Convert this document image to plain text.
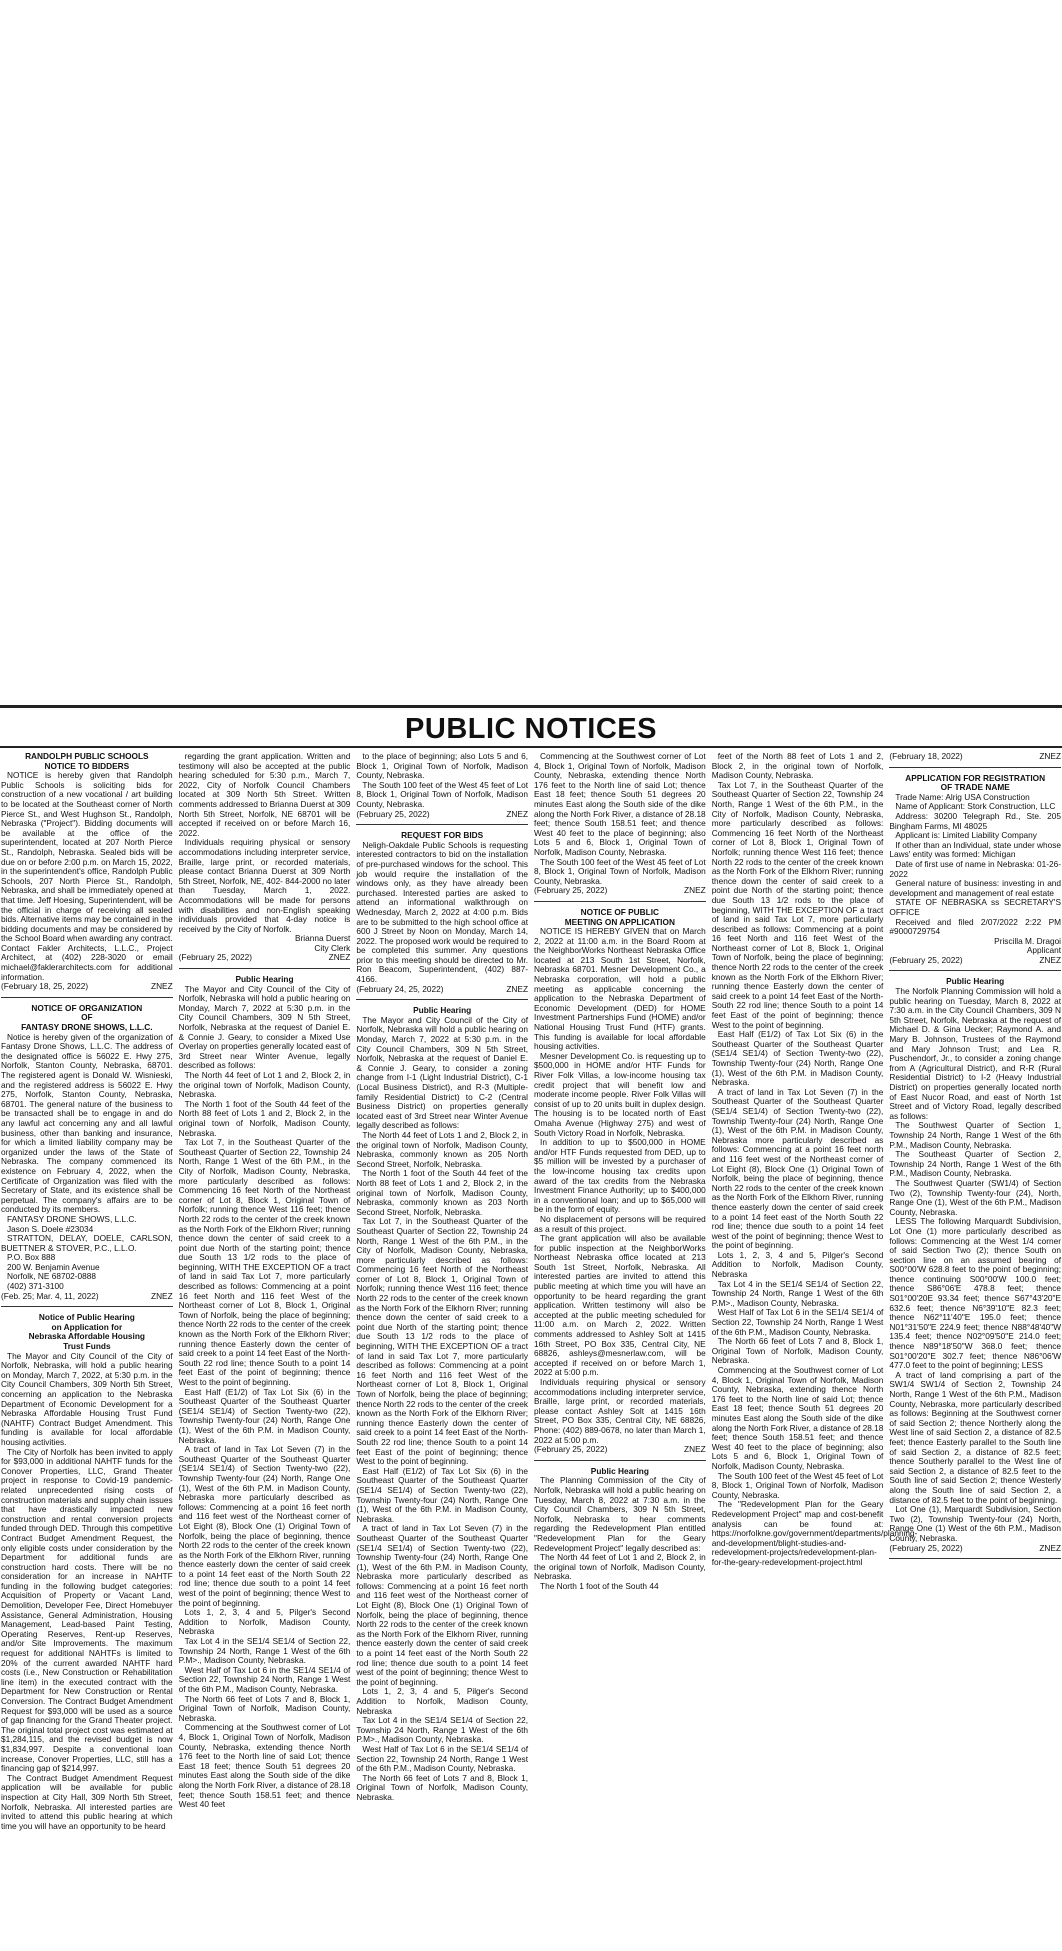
PUBLIC NOTICES

RANDOLPH PUBLIC SCHOOLS

NOTICE TO BIDDERS

NOTICE is hereby given that Randolph Public Schools is soliciting bids for construction of a new vocational / art building to be located at the Southeast corner of North Pierce St., and West Hughson St., Randolph, Nebraska ("Project"). Bidding documents will be available at the office of the superintendent, located at 207 North Pierce St., Randolph, Nebraska. Sealed bids will be due on or before 2:00 p.m. on March 15, 2022, in the superintendent's office, Randolph Public Schools, 207 North Pierce St., Randolph, Nebraska, and shall be immediately opened at that time. Jeff Hoesing, Superintendent, will be the official in charge of receiving all sealed bids. Alternative items may be contained in the bidding documents and may be considered by the School Board when awarding any contract. Contact Fakler Architects, L.L.C., Project Architect, at (402) 228-3020 or email michael@faklerarchitects.com for additional information.

(February 18, 25, 2022)	ZNEZ

NOTICE OF ORGANIZATION

OF

FANTASY DRONE SHOWS, L.L.C.

Notice is hereby given of the organization of Fantasy Drone Shows, L.L.C. The address of the designated office is 56022 E. Hwy 275, Norfolk, Stanton County, Nebraska, 68701. The registered agent is Donald W. Wisnieski, and the registered address is 56022 E. Hwy 275, Norfolk, Stanton County, Nebraska, 68701. The general nature of the business to be transacted shall be to engage in and do any lawful act concerning any and all lawful business, other than banking and insurance, for which a limited liability company may be organized under the laws of the State of Nebraska. The company commenced its existence on February 4, 2022, when the Certificate of Organization was filed with the Secretary of State, and its existence shall be perpetual. The company's affairs are to be conducted by its members.

FANTASY DRONE SHOWS, L.L.C.

Jason S. Doele #23034

STRATTON, DELAY, DOELE, CARLSON, BUETTNER & STOVER, P.C., L.L.O.

P.O. Box 888

200 W. Benjamin Avenue

Norfolk, NE 68702-0888

(402) 371-3100

(Feb. 25; Mar. 4, 11, 2022)	ZNEZ

Notice of Public Hearing

on Application for

Nebraska Affordable Housing

Trust Funds

The Mayor and City Council of the City of Norfolk, Nebraska, will hold a public hearing on Monday, March 7, 2022, at 5:30 p.m. in the City Council Chambers, 309 North 5th Street, concerning an application to the Nebraska Department of Economic Development for a Nebraska Affordable Housing Trust Fund (NAHTF) Contract Budget Amendment. This funding is available for local affordable housing activities.

The City of Norfolk has been invited to apply for $93,000 in additional NAHTF funds for the Conover Properties, LLC, Grand Theater project in response to Covid-19 pandemic-related unprecedented rising costs of construction materials and supply chain issues that have drastically impacted new construction and rental conversion projects funded through DED. Through this competitive Contract Budget Amendment Request, the only eligible costs under consideration by the Department for additional funds are construction hard costs. There will be no consideration for an increase in NAHTF funding in the following budget categories: Acquisition of Property or Vacant Land, Demolition, Developer Fee, Direct Homebuyer Assistance, General Administration, Housing Management, Lead-based Paint Testing, Operating Reserves, Rent-up Reserves, and/or Site Improvements. The maximum request for additional NAHTFs is limited to 20% of the current awarded NAHTF hard costs (i.e., New Construction or Rehabilitation line item) in the executed contract with the Department for New Construction or Rental Conversion. The Contract Budget Amendment Request for $93,000 will be used as a source of gap financing for the Grand Theater project. The original total project cost was estimated at $1,284,115, and the revised budget is now $1,834,997. Despite a conventional loan increase, Conover Properties, LLC, still has a financing gap of $214,997.

The Contract Budget Amendment Request application will be available for public inspection at City Hall, 309 North 5th Street, Norfolk, Nebraska. All interested parties are invited to attend this public hearing at which time you will have an opportunity to be heard

regarding the grant application. Written and testimony will also be accepted at the public hearing scheduled for 5:30 p.m., March 7, 2022, City of Norfolk Council Chambers located at 309 North 5th Street. Written comments addressed to Brianna Duerst at 309 North 5th Street, Norfolk, NE 68701 will be accepted if received on or before March 16, 2022.

Individuals requiring physical or sensory accommodations including interpreter service, Braille, large print, or recorded materials, please contact Brianna Duerst at 309 North 5th Street, Norfolk, NE, 402- 844-2000 no later than Tuesday, March 1, 2022. Accommodations will be made for persons with disabilities and non-English speaking individuals provided that 4-day notice is received by the City of Norfolk.

Brianna Duerst

City Clerk

(February 25, 2022)	ZNEZ

Public Hearing

The Mayor and City Council of the City of Norfolk, Nebraska will hold a public hearing on Monday, March 7, 2022 at 5:30 p.m. in the City Council Chambers, 309 N 5th Street, Norfolk, Nebraska at the request of Daniel E. & Connie J. Geary, to consider a Mixed Use Overlay on properties generally located east of 3rd Street near Winter Avenue, legally described as follows:

The North 44 feet of Lot 1 and 2, Block 2, in the original town of Norfolk, Madison County, Nebraska.

The North 1 foot of the South 44 feet of the North 88 feet of Lots 1 and 2, Block 2, in the original town of Norfolk, Madison County, Nebraska.

Tax Lot 7, in the Southeast Quarter of the Southeast Quarter of Section 22, Township 24 North, Range 1 West of the 6th P.M., in the City of Norfolk, Madison County, Nebraska, more particularly described as follows: Commencing 16 feet North of the Northeast corner of Lot 8, Block 1, Original Town of Norfolk; running thence West 116 feet; thence North 22 rods to the center of the creek known as the North Fork of the Elkhorn River; running thence down the center of said creek to a point due North of the starting point; thence due South 13 1/2 rods to the place of beginning, WITH THE EXCEPTION OF a tract of land in said Tax Lot 7, more particularly described as follows: Commencing at a point 16 feet North and 116 feet West of the Northeast corner of Lot 8, Block 1, Original Town of Norfolk, being the place of beginning; thence North 22 rods to the center of the creek known as the North Fork of the Elkhorn River; running thence Easterly down the center of said creek to a point 14 feet East of the North-South 22 rod line; thence South to a point 14 feet East of the point of beginning; thence West to the point of beginning.

East Half (E1/2) of Tax Lot Six (6) in the Southeast Quarter of the Southeast Quarter (SE1/4 SE1/4) of Section Twenty-two (22), Township Twenty-four (24) North, Range One (1), West of the 6th P.M. in Madison County, Nebraska.

A tract of land in Tax Lot Seven (7) in the Southeast Quarter of the Southeast Quarter (SE1/4 SE1/4) of Section Twenty-two (22), Township Twenty-four (24) North, Range One (1), West of the 6th P.M. in Madison County, Nebraska more particularly described as follows: Commencing at a point 16 feet north and 116 feet west of the Northeast corner of Lot Eight (8), Block One (1) Original Town of Norfolk, being the place of beginning, thence North 22 rods to the center of the creek known as the North Fork of the Elkhorn River, running thence easterly down the center of said creek to a point 14 feet east of the North South 22 rod line; thence due south to a point 14 feet west of the point of beginning; thence West to the point of beginning.

Lots 1, 2, 3, 4 and 5, Pilger's Second Addition to Norfolk, Madison County, Nebraska

Tax Lot 4 in the SE1/4 SE1/4 of Section 22, Township 24 North, Range 1 West of the 6th P.M>., Madison County, Nebraska.

West Half of Tax Lot 6 in the SE1/4 SE1/4 of Section 22, Township 24 North, Range 1 West of the 6th P.M., Madison County, Nebraska.

The North 66 feet of Lots 7 and 8, Block 1, Original Town of Norfolk, Madison County, Nebraska.

Commencing at the Southwest corner of Lot 4, Block 1, Original Town of Norfolk, Madison County, Nebraska, extending thence North 176 feet to the North line of said Lot; thence East 18 feet; thence South 51 degrees 20 minutes East along the South side of the dike along the North Fork River, a distance of 28.18 feet; thence South 158.51 feet; and thence West 40 feet

to the place of beginning; also Lots 5 and 6, Block 1, Original Town of Norfolk, Madison County, Nebraska.

The South 100 feet of the West 45 feet of Lot 8, Block 1, Original Town of Norfolk, Madison County, Nebraska.

(February 25, 2022)	ZNEZ

REQUEST FOR BIDS

Neligh-Oakdale Public Schools is requesting interested contractors to bid on the installation of pre-purchased windows for the school. This job would require the installation of the windows only, as they have already been purchased. Interested parties are asked to attend an informational walkthrough on Wednesday, March 2, 2022 at 4:00 p.m. Bids are to be submitted to the high school office at 600 J Street by Noon on Monday, March 14, 2022. The proposed work would be required to be completed this summer. Any questions prior to this meeting should be directed to Mr. Ron Beacom, Superintendent, (402) 887-4166.

(February 24, 25, 2022)	ZNEZ

Public Hearing

The Mayor and City Council of the City of Norfolk, Nebraska will hold a public hearing on Monday, March 7, 2022 at 5:30 p.m. in the City Council Chambers, 309 N 5th Street, Norfolk, Nebraska at the request of Daniel E. & Connie J. Geary, to consider a zoning change from I-1 (Light Industrial District), C-1 (Local Business District), and R-3 (Multiple-family Residential District) to C-2 (Central Business District) on properties generally located east of 3rd Street near Winter Avenue legally described as follows:

The North 44 feet of Lots 1 and 2, Block 2, in the original town of Norfolk, Madison County, Nebraska, commonly known as 205 North Second Street, Norfolk, Nebraska.

The North 1 foot of the South 44 feet of the North 88 feet of Lots 1 and 2, Block 2, in the original town of Norfolk, Madison County, Nebraska, commonly known as 203 North Second Street, Norfolk, Nebraska.

Tax Lot 7, in the Southeast Quarter of the Southeast Quarter of Section 22, Township 24 North, Range 1 West of the 6th P.M., in the City of Norfolk, Madison County, Nebraska, more particularly described as follows: Commencing 16 feet North of the Northeast corner of Lot 8, Block 1, Original Town of Norfolk; running thence West 116 feet; thence North 22 rods to the center of the creek known as the North Fork of the Elkhorn River; running thence down the center of said creek to a point due North of the starting point; thence due South 13 1/2 rods to the place of beginning, WITH THE EXCEPTION OF a tract of land in said Tax Lot 7, more particularly described as follows: Commencing at a point 16 feet North and 116 feet West of the Northeast corner of Lot 8, Block 1, Original Town of Norfolk, being the place of beginning; thence North 22 rods to the center of the creek known as the North Fork of the Elkhorn River; running thence Easterly down the center of said creek to a point 14 feet East of the North-South 22 rod line; thence South to a point 14 feet East of the point of beginning; thence West to the point of beginning.

East Half (E1/2) of Tax Lot Six (6) in the Southeast Quarter of the Southeast Quarter (SE1/4 SE1/4) of Section Twenty-two (22), Township Twenty-four (24) North, Range One (1), West of the 6th P.M. in Madison County, Nebraska.

A tract of land in Tax Lot Seven (7) in the Southeast Quarter of the Southeast Quarter (SE1/4 SE1/4) of Section Twenty-two (22), Township Twenty-four (24) North, Range One (1), West of the 6th P.M. in Madison County, Nebraska more particularly described as follows: Commencing at a point 16 feet north and 116 feet west of the Northeast corner of Lot Eight (8), Block One (1) Original Town of Norfolk, being the place of beginning, thence North 22 rods to the center of the creek known as the North Fork of the Elkhorn River, running thence easterly down the center of said creek to a point 14 feet east of the North South 22 rod line; thence due south to a point 14 feet west of the point of beginning; thence West to the point of beginning.

Lots 1, 2, 3, 4 and 5, Pilger's Second Addition to Norfolk, Madison County, Nebraska

Tax Lot 4 in the SE1/4 SE1/4 of Section 22, Township 24 North, Range 1 West of the 6th P.M>., Madison County, Nebraska.

West Half of Tax Lot 6 in the SE1/4 SE1/4 of Section 22, Township 24 North, Range 1 West of the 6th P.M., Madison County, Nebraska.

The North 66 feet of Lots 7 and 8, Block 1, Original Town of Norfolk, Madison County, Nebraska.

Commencing at the Southwest corner of Lot 4, Block 1, Original Town of Norfolk, Madison County, Nebraska, extending thence North 176 feet to the North line of said Lot; thence East 18 feet; thence South 51 degrees 20 minutes East along the South side of the dike along the North Fork River, a distance of 28.18 feet; thence South 158.51 feet; and thence West 40 feet to the place of beginning; also Lots 5 and 6, Block 1, Original Town of Norfolk, Madison County, Nebraska.

The South 100 feet of the West 45 feet of Lot 8, Block 1, Original Town of Norfolk, Madison County, Nebraska.

(February 25, 2022)	ZNEZ

NOTICE OF PUBLIC

MEETING ON APPLICATION

NOTICE IS HEREBY GIVEN that on March 2, 2022 at 11:00 a.m. in the Board Room at the NeighborWorks Northeast Nebraska Office located at 213 South 1st Street, Norfolk, Nebraska 68701. Mesner Development Co., a Nebraska corporation, will hold a public meeting as applicable concerning the application to the Nebraska Department of Economic Development (DED) for HOME Investment Partnerships Fund (HOME) and/or National Housing Trust Fund (HTF) grants. This funding is available for local affordable housing activities.

Mesner Development Co. is requesting up to $500,000 in HOME and/or HTF Funds for River Folk Villas, a low-income housing tax credit project that will benefit low and moderate income people. River Folk Villas will consist of up to 20 units built in duplex design. The housing is to be located north of East Omaha Avenue (Highway 275) and west of South Victory Road in Norfolk, Nebraska.

In addition to up to $500,000 in HOME and/or HTF Funds requested from DED, up to $5 million will be invested by a purchaser of the low-income housing tax credits upon award of the tax credits from the Nebraska Investment Finance Authority; up to $400,000 in a conventional loan; and up to $65,000 will be in the form of equity.

No displacement of persons will be required as a result of this project.

The grant application will also be available for public inspection at the NeighborWorks Northeast Nebraska office located at 213 South 1st Street, Norfolk, Nebraska. All interested parties are invited to attend this public meeting at which time you will have an opportunity to be heard regarding the grant application. Written testimony will also be accepted at the public meeting scheduled for 11:00 a.m. on March 2, 2022. Written comments addressed to Ashley Solt at 1415 16th Street, PO Box 335, Central City, NE 68826, ashleys@mesnerlaw.com, will be accepted if received on or before March 1, 2022 at 5:00 p.m.

Individuals requiring physical or sensory accommodations including interpreter service, Braille, large print, or recorded materials, please contact Ashley Solt at 1415 16th Street, PO Box 335, Central City, NE 68826, Phone: (402) 889-0678, no later than March 1, 2022 at 5:00 p.m.

(February 25, 2022)	ZNEZ

Public Hearing

The Planning Commission of the City of Norfolk, Nebraska will hold a public hearing on Tuesday, March 8, 2022 at 7:30 a.m. in the City Council Chambers, 309 N 5th Street, Norfolk, Nebraska to hear comments regarding the Redevelopment Plan entitled "Redevelopment Plan for the Geary Redevelopment Project" legally described as:

The North 44 feet of Lot 1 and 2, Block 2, in the original town of Norfolk, Madison County, Nebraska.

The North 1 foot of the South 44

feet of the North 88 feet of Lots 1 and 2, Block 2, in the original town of Norfolk, Madison County, Nebraska.

Tax Lot 7, in the Southeast Quarter of the Southeast Quarter of Section 22, Township 24 North, Range 1 West of the 6th P.M., in the City of Norfolk, Madison County, Nebraska, more particularly described as follows: Commencing 16 feet North of the Northeast corner of Lot 8, Block 1, Original Town of Norfolk; running thence West 116 feet; thence North 22 rods to the center of the creek known as the North Fork of the Elkhorn River; running thence down the center of said creek to a point due North of the starting point; thence due South 13 1/2 rods to the place of beginning, WITH THE EXCEPTION OF a tract of land in said Tax Lot 7, more particularly described as follows: Commencing at a point 16 feet North and 116 feet West of the Northeast corner of Lot 8, Block 1, Original Town of Norfolk, being the place of beginning; thence North 22 rods to the center of the creek known as the North Fork of the Elkhorn River; running thence Easterly down the center of said creek to a point 14 feet East of the North-South 22 rod line; thence South to a point 14 feet East of the point of beginning; thence West to the point of beginning.

East Half (E1/2) of Tax Lot Six (6) in the Southeast Quarter of the Southeast Quarter (SE1/4 SE1/4) of Section Twenty-two (22), Township Twenty-four (24) North, Range One (1), West of the 6th P.M. in Madison County, Nebraska.

A tract of land in Tax Lot Seven (7) in the Southeast Quarter of the Southeast Quarter (SE1/4 SE1/4) of Section Twenty-two (22), Township Twenty-four (24) North, Range One (1), West of the 6th P.M. in Madison County, Nebraska more particularly described as follows: Commencing at a point 16 feet north and 116 feet west of the Northeast corner of Lot Eight (8), Block One (1) Original Town of Norfolk, being the place of beginning, thence North 22 rods to the center of the creek known as the North Fork of the Elkhorn River, running thence easterly down the center of said creek to a point 14 feet east of the North South 22 rod line; thence due south to a point 14 feet west of the point of beginning; thence West to the point of beginning.

Lots 1, 2, 3, 4 and 5, Pilger's Second Addition to Norfolk, Madison County, Nebraska

Tax Lot 4 in the SE1/4 SE1/4 of Section 22, Township 24 North, Range 1 West of the 6th P.M>., Madison County, Nebraska.

West Half of Tax Lot 6 in the SE1/4 SE1/4 of Section 22, Township 24 North, Range 1 West of the 6th P.M., Madison County, Nebraska.

The North 66 feet of Lots 7 and 8, Block 1, Original Town of Norfolk, Madison County, Nebraska.

Commencing at the Southwest corner of Lot 4, Block 1, Original Town of Norfolk, Madison County, Nebraska, extending thence North 176 feet to the North line of said Lot; thence East 18 feet; thence South 51 degrees 20 minutes East along the South side of the dike along the North Fork River, a distance of 28.18 feet; thence South 158.51 feet; and thence West 40 feet to the place of beginning; also Lots 5 and 6, Block 1, Original Town of Norfolk, Madison County, Nebraska.

The South 100 feet of the West 45 feet of Lot 8, Block 1, Original Town of Norfolk, Madison County, Nebraska.

The "Redevelopment Plan for the Geary Redevelopment Project" map and cost-benefit analysis can be found at: https://norfolkne.gov/government/departments/planning-and-development/blight-studies-and-redevelopment-projects/redevelopment-plan-for-the-geary-redevelopment-project.html

(February 18, 2022)	ZNEZ

APPLICATION FOR REGISTRATION

OF TRADE NAME

Trade Name: Alrig USA Construction

Name of Applicant: Stork Construction, LLC

Address: 30200 Telegraph Rd., Ste. 205 Bingham Farms, MI 48025

Applicant is: Limited Liability Company

If other than an Individual, state under whose Laws' entity was formed: Michigan

Date of first use of name in Nebraska: 01-26-2022

General nature of business: investing in and development and management of real estate

STATE OF NEBRASKA ss SECRETARY'S OFFICE

Received and filed 2/07/2022 2:22 PM #9000729754

Priscilla M. Dragoi

Applicant

(February 25, 2022)	ZNEZ

Public Hearing

The Norfolk Planning Commission will hold a public hearing on Tuesday, March 8, 2022 at 7:30 a.m. in the City Council Chambers, 309 N 5th Street, Norfolk, Nebraska at the request of Michael D. & Gina Uecker; Raymond A. and Mary B. Johnson, Trustees of the Raymond and Mary Johnson Trust; and Lea R. Puschendorf, Jr., to consider a zoning change from A (Agricultural District), and R-R (Rural Residential District) to I-2 (Heavy Industrial District) on properties generally located north of East Nucor Road, and east of North 1st Street and of Victory Road, legally described as follows:

The Southwest Quarter of Section 1, Township 24 North, Range 1 West of the 6th P.M., Madison County, Nebraska.

The Southeast Quarter of Section 2, Township 24 North, Range 1 West of the 6th P.M., Madison County, Nebraska.

The Southwest Quarter (SW1/4) of Section Two (2), Township Twenty-four (24), North, Range One (1), West of the 6th P.M., Madison County, Nebraska.

LESS The following Marquardt Subdivision, Lot One (1) more particularly described as follows: Commencing at the West 1/4 corner of said Section Two (2); thence South on section line on an assumed bearing of S00°00'W 628.8 feet to the point of beginning; thence continuing S00°00'W 100.0 feet; thence S86°06'E 478.8 feet; thence S01°00'20E 93.34 feet; thence S67°43'20"E 632.6 feet; thence N6°39'10"E 82.3 feet; thence N62°11'40"E 195.0 feet; thence N01°31'50"E 224.9 feet; thence N88°48'40"W 135.4 feet; thence N02°09'50"E 214.0 feet; thence N89°18'50"W 368.0 feet; thence S01°00'20"E 302.7 feet; thence N86°06'W 477.0 feet to the point of beginning; LESS

A tract of land comprising a part of the SW1/4 SW1/4 of Section 2, Township 24 North, Range 1 West of the 6th P.M., Madison County, Nebraska, more particularly described as follows: Beginning at the Southwest corner of said Section 2; thence Northerly along the West line of said Section 2, a distance of 82.5 feet; thence Easterly parallel to the South line of said Section 2, a distance of 82.5 feet; thence Southerly parallel to the West line of said Section 2, a distance of 82.5 feet to the South line of said Section 2; thence Westerly along the South line of said Section 2, a distance of 82.5 feet to the point of beginning.

Lot One (1), Marquardt Subdivision, Section Two (2), Township Twenty-four (24) North, Range One (1) West of the 6th P.M., Madison County, Nebraska.

(February 25, 2022)	ZNEZ
